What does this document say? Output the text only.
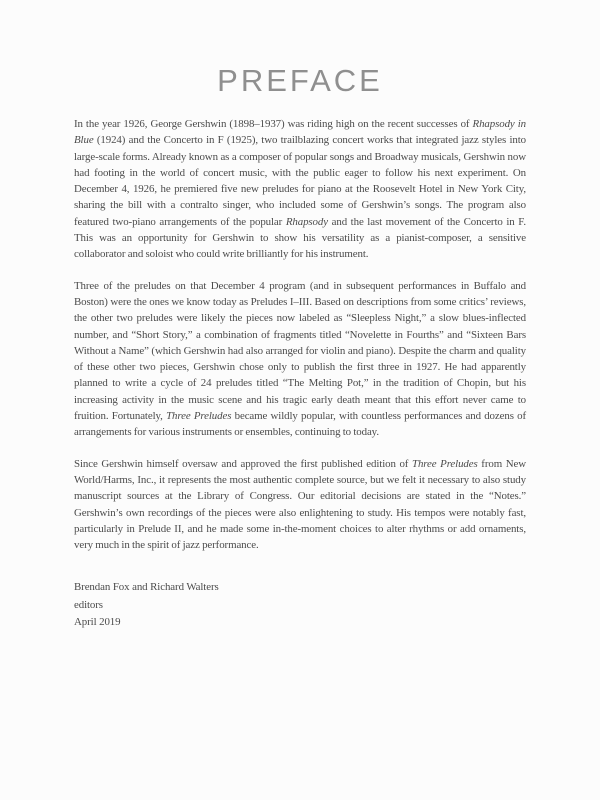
PREFACE

In the year 1926, George Gershwin (1898–1937) was riding high on the recent successes of Rhapsody in Blue (1924) and the Concerto in F (1925), two trailblazing concert works that integrated jazz styles into large-scale forms. Already known as a composer of popular songs and Broadway musicals, Gershwin now had footing in the world of concert music, with the public eager to follow his next experiment. On December 4, 1926, he premiered five new preludes for piano at the Roosevelt Hotel in New York City, sharing the bill with a contralto singer, who included some of Gershwin’s songs. The program also featured two-piano arrangements of the popular Rhapsody and the last movement of the Concerto in F. This was an opportunity for Gershwin to show his versatility as a pianist-composer, a sensitive collaborator and soloist who could write brilliantly for his instrument.

Three of the preludes on that December 4 program (and in subsequent performances in Buffalo and Boston) were the ones we know today as Preludes I–III. Based on descriptions from some critics’ reviews, the other two preludes were likely the pieces now labeled as “Sleepless Night,” a slow blues-inflected number, and “Short Story,” a combination of fragments titled “Novelette in Fourths” and “Sixteen Bars Without a Name” (which Gershwin had also arranged for violin and piano). Despite the charm and quality of these other two pieces, Gershwin chose only to publish the first three in 1927. He had apparently planned to write a cycle of 24 preludes titled “The Melting Pot,” in the tradition of Chopin, but his increasing activity in the music scene and his tragic early death meant that this effort never came to fruition. Fortunately, Three Preludes became wildly popular, with countless performances and dozens of arrangements for various instruments or ensembles, continuing to today.

Since Gershwin himself oversaw and approved the first published edition of Three Preludes from New World/Harms, Inc., it represents the most authentic complete source, but we felt it necessary to also study manuscript sources at the Library of Congress. Our editorial decisions are stated in the “Notes.” Gershwin’s own recordings of the pieces were also enlightening to study. His tempos were notably fast, particularly in Prelude II, and he made some in-the-moment choices to alter rhythms or add ornaments, very much in the spirit of jazz performance.

Brendan Fox and Richard Walters
editors
April 2019
